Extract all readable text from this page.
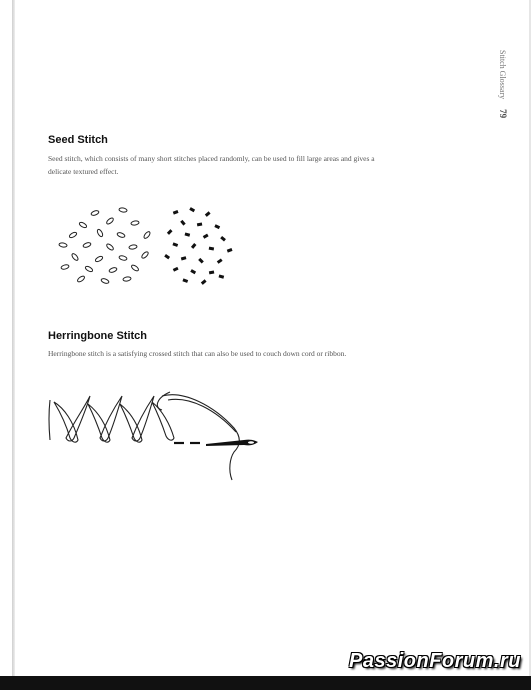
Stitch Glossary 79
Seed Stitch

Seed stitch, which consists of many short stitches placed randomly, can be used to fill large areas and gives a delicate textured effect.

Herringbone Stitch

Herringbone stitch is a satisfying crossed stitch that can also be used to couch down cord or ribbon.

PassionForum.ru
